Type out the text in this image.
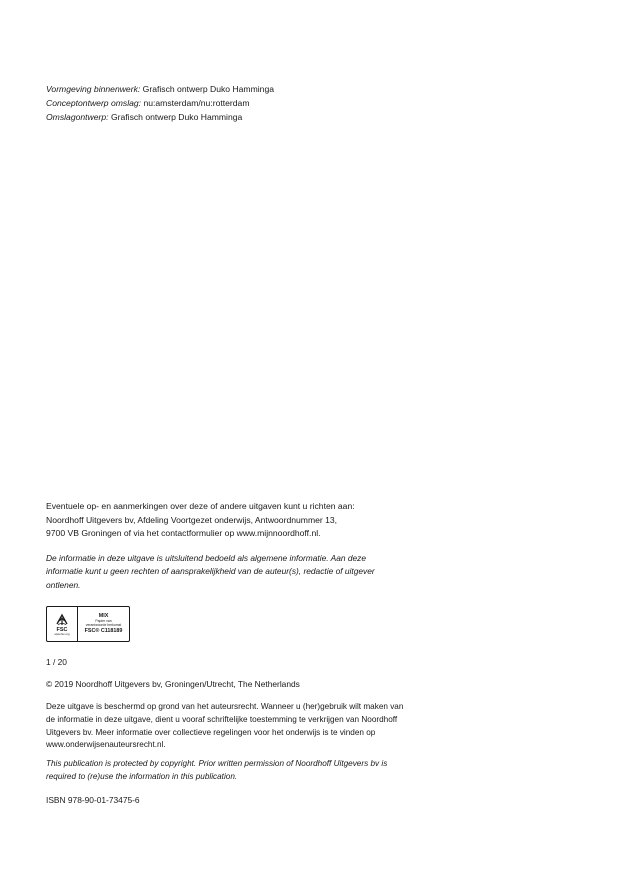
Vormgeving binnenwerk: Grafisch ontwerp Duko Hamminga
Conceptontwerp omslag: nu:amsterdam/nu:rotterdam
Omslagontwerp: Grafisch ontwerp Duko Hamminga
Eventuele op- en aanmerkingen over deze of andere uitgaven kunt u richten aan:
Noordhoff Uitgevers bv, Afdeling Voortgezet onderwijs, Antwoordnummer 13,
9700 VB Groningen of via het contactformulier op www.mijnnoordhoff.nl.
De informatie in deze uitgave is uitsluitend bedoeld als algemene informatie. Aan deze
informatie kunt u geen rechten of aansprakelijkheid van de auteur(s), redactie of uitgever
ontlenen.
FSC
www.fsc.org
MIX
Papier van
verantwoorde herkomst
FSC® C118189
1 / 20
© 2019 Noordhoff Uitgevers bv, Groningen/Utrecht, The Netherlands
Deze uitgave is beschermd op grond van het auteursrecht. Wanneer u (her)gebruik wilt maken van
de informatie in deze uitgave, dient u vooraf schriftelijke toestemming te verkrijgen van Noordhoff
Uitgevers bv. Meer informatie over collectieve regelingen voor het onderwijs is te vinden op
www.onderwijsenauteursrecht.nl.
This publication is protected by copyright. Prior written permission of Noordhoff Uitgevers bv is
required to (re)use the information in this publication.
ISBN 978-90-01-73475-6
